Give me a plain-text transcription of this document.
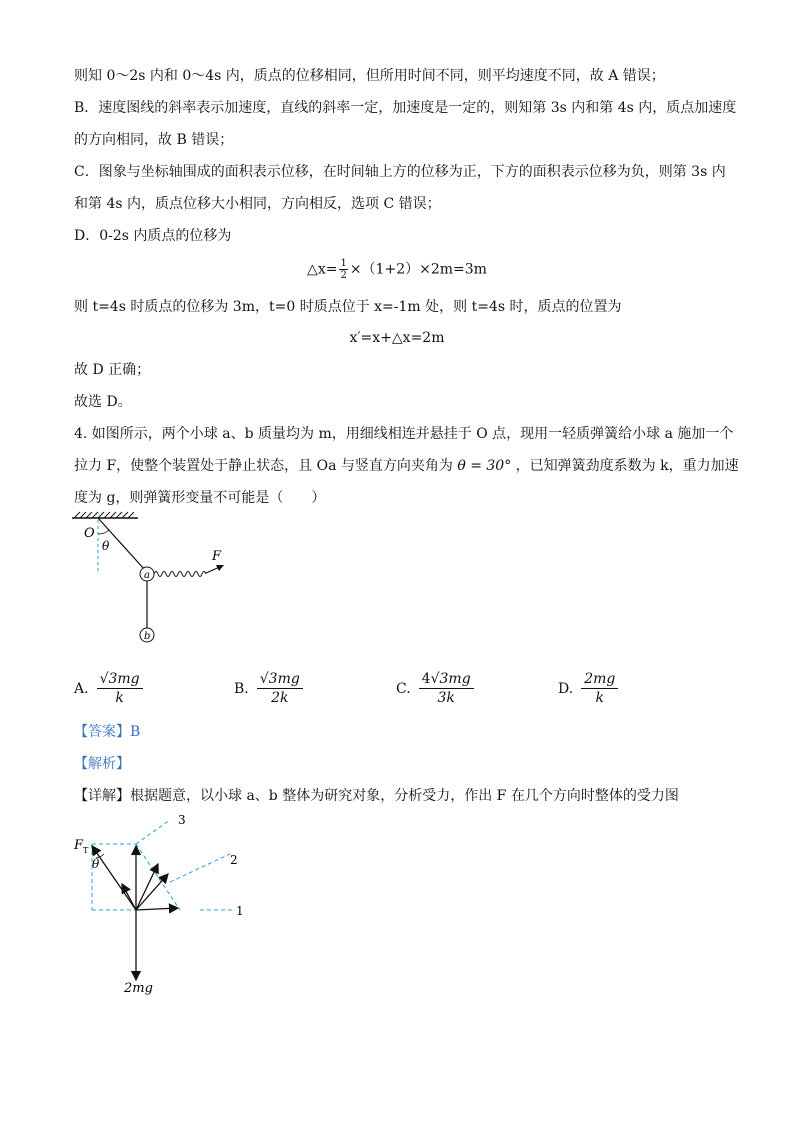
则知 0～2s 内和 0～4s 内，质点的位移相同，但所用时间不同，则平均速度不同，故 A 错误；
B．速度图线的斜率表示加速度，直线的斜率一定，加速度是一定的，则知第 3s 内和第 4s 内，质点加速度
的方向相同，故 B 错误；
C．图象与坐标轴围成的面积表示位移，在时间轴上方的位移为正，下方的面积表示位移为负，则第 3s 内
和第 4s 内，质点位移大小相同，方向相反，选项 C 错误；
D．0-2s 内质点的位移为
△x= $\frac{1}{2} \times(1+2)\times 2m=3m$
则 t=4s 时质点的位移为 3m，t=0 时质点位于 x=-1m 处，则 t=4s 时，质点的位置为
x′=x+△x=2m
故 D 正确；
故选 D。
4. 如图所示，两个小球 a、b 质量均为 m，用细线相连并悬挂于 O 点，现用一轻质弹簧给小球 a 施加一个
拉力 F，使整个装置处于静止状态，且 Oa 与竖直方向夹角为 θ = 30° ，已知弹簧劲度系数为 k，重力加速
度为 g，则弹簧形变量不可能是（　　）
O
θ
F
a
b
A. $\frac{√3mg}{k}$	B. $\frac{√3mg}{2k}$	C. $\frac{4√3mg}{3k}$	D. $\frac{2mg}{k}$
【答案】B
【解析】
【详解】根据题意，以小球 a、b 整体为研究对象，分析受力，作出 F 在几个方向时整体的受力图
F T
θ
3
2
1
2mg
